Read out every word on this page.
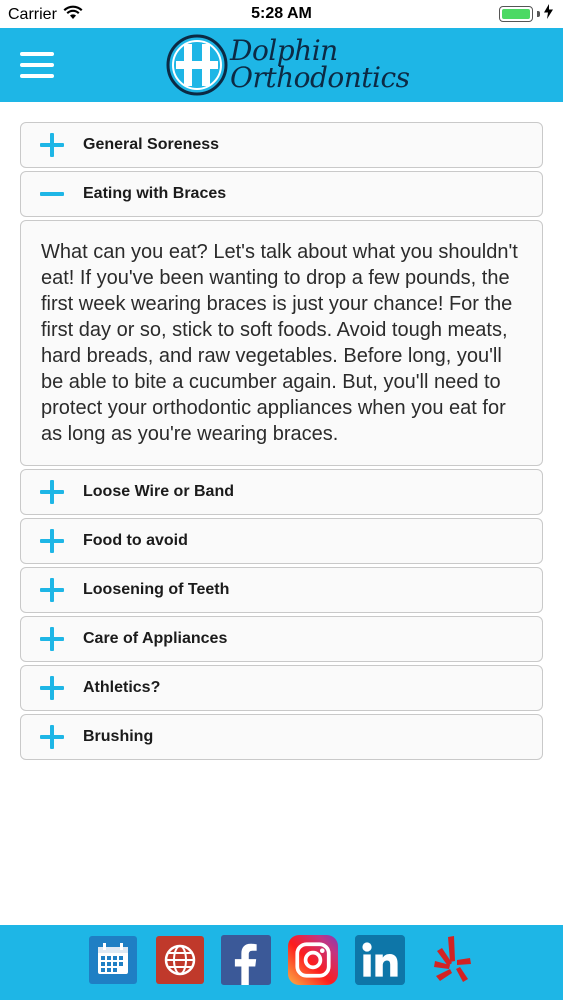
Carrier	5:28 AM
Dolphin
Orthodontics
General Soreness
Eating with Braces

What can you eat? Let's talk about what you shouldn't eat! If you've been wanting to drop a few pounds, the first week wearing braces is just your chance! For the first day or so, stick to soft foods. Avoid tough meats, hard breads, and raw vegetables. Before long, you'll be able to bite a cucumber again. But, you'll need to protect your orthodontic appliances when you eat for as long as you're wearing braces.

Loose Wire or Band
Food to avoid
Loosening of Teeth
Care of Appliances
Athletics?
Brushing
